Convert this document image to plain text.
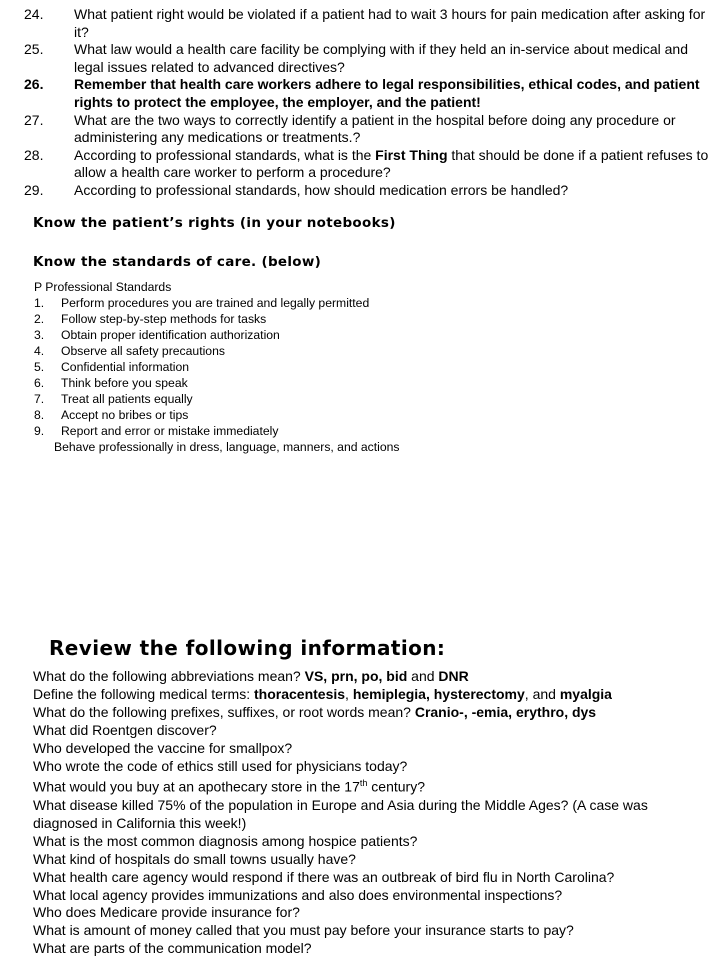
24.	What patient right would be violated if a patient had to wait 3 hours for pain medication after asking for it?
25.	What law would a health care facility be complying with if they held an in-service about medical and legal issues related to advanced directives?
26.	Remember that health care workers adhere to legal responsibilities, ethical codes, and patient rights to protect the employee, the employer, and the patient!
27.	What are the two ways to correctly identify a patient in the hospital before doing any procedure or administering any medications or treatments.?
28.	According to professional standards, what is the First Thing that should be done if a patient refuses to allow a health care worker to perform a procedure?
29.	According to professional standards, how should medication errors be handled?
Know the patient’s rights (in your notebooks)
Know the standards of care. (below)
P Professional Standards
1.	Perform procedures you are trained and legally permitted
2.	Follow step-by-step methods for tasks
3.	Obtain proper identification authorization
4.	Observe all safety precautions
5.	Confidential information
6.	Think before you speak
7.	Treat all patients equally
8.	Accept no bribes or tips
9.	Report and error or mistake immediately
Behave professionally in dress, language, manners, and actions
Review the following information:
What do the following abbreviations mean? VS, prn, po, bid and DNR
Define the following medical terms: thoracentesis, hemiplegia, hysterectomy, and myalgia
What do the following prefixes, suffixes, or root words mean? Cranio-, -emia, erythro, dys
What did Roentgen discover?
Who developed the vaccine for smallpox?
Who wrote the code of ethics still used for physicians today?
What would you buy at an apothecary store in the 17th century?
What disease killed 75% of the population in Europe and Asia during the Middle Ages? (A case was diagnosed in California this week!)
What is the most common diagnosis among hospice patients?
What kind of hospitals do small towns usually have?
What health care agency would respond if there was an outbreak of bird flu in North Carolina?
What local agency provides immunizations and also does environmental inspections?
Who does Medicare provide insurance for?
What is amount of money called that you must pay before your insurance starts to pay?
What are parts of the communication model?
